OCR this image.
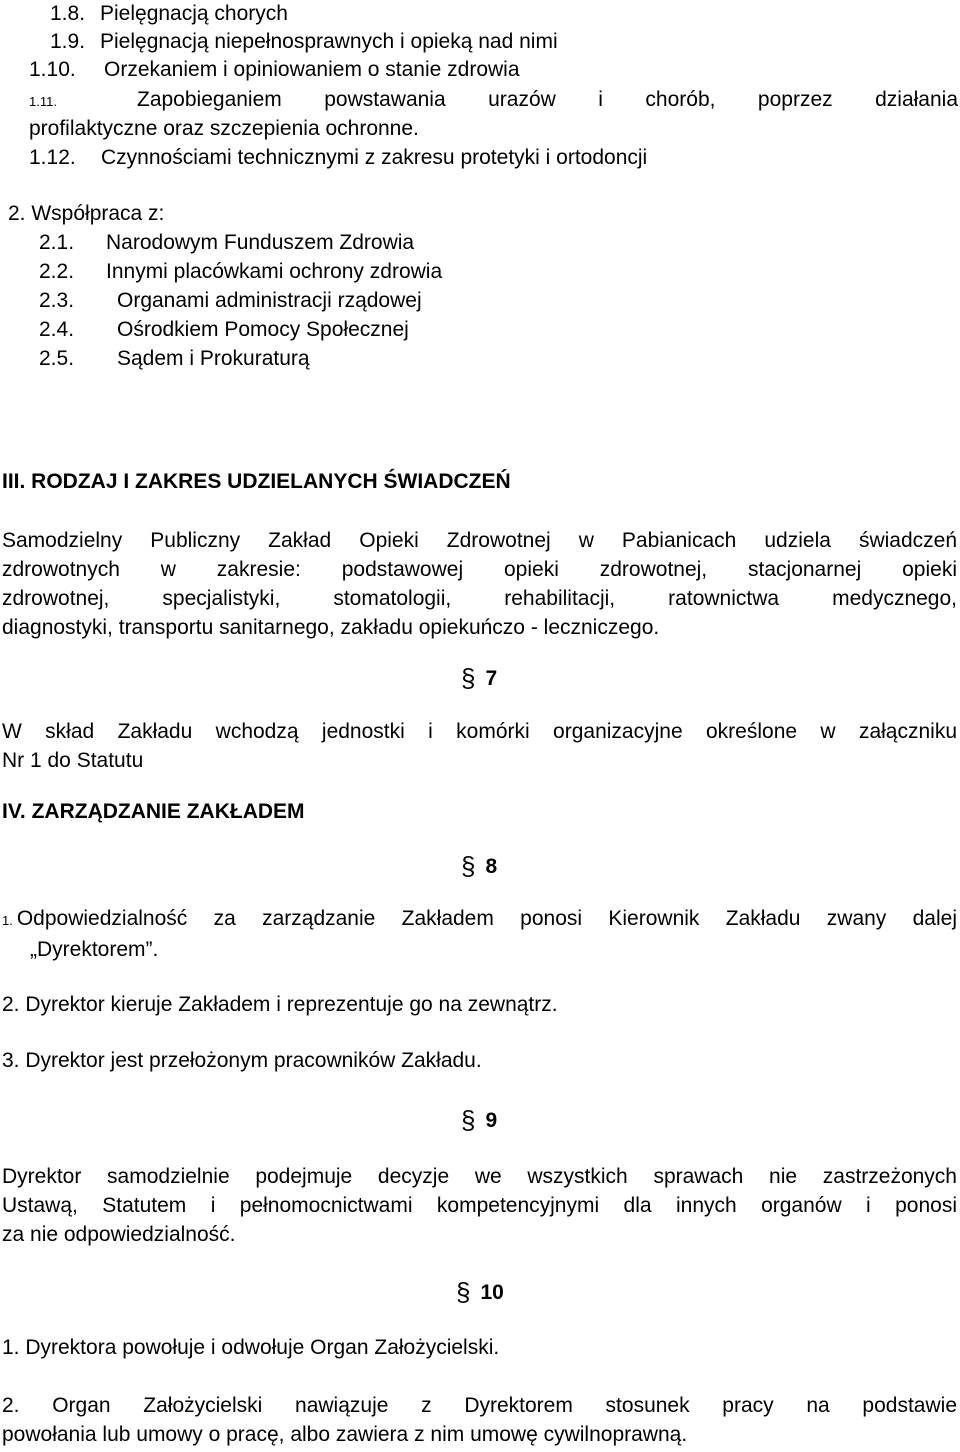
1.8. Pielęgnacją chorych
1.9. Pielęgnacją niepełnosprawnych i opieką nad nimi
1.10. Orzekaniem i opiniowaniem o stanie zdrowia
1.11.	Zapobieganiem powstawania urazów i chorób, poprzez działania
profilaktyczne oraz szczepienia ochronne.
1.12. Czynnościami technicznymi z zakresu protetyki i ortodoncji
2. Współpraca z:
2.1. Narodowym Funduszem Zdrowia
2.2. Innymi placówkami ochrony zdrowia
2.3. Organami administracji rządowej
2.4. Ośrodkiem Pomocy Społecznej
2.5. Sądem i Prokuraturą
III. RODZAJ I ZAKRES UDZIELANYCH ŚWIADCZEŃ
Samodzielny Publiczny Zakład Opieki Zdrowotnej w Pabianicach udziela świadczeń
zdrowotnych w zakresie: podstawowej opieki zdrowotnej, stacjonarnej opieki
zdrowotnej, specjalistyki, stomatologii, rehabilitacji, ratownictwa medycznego,
diagnostyki, transportu sanitarnego, zakładu opiekuńczo - leczniczego.
§ 7
W skład Zakładu wchodzą jednostki i komórki organizacyjne określone w załączniku
Nr 1 do Statutu
IV. ZARZĄDZANIE ZAKŁADEM
§ 8
1. Odpowiedzialność za zarządzanie Zakładem ponosi Kierownik Zakładu zwany dalej
„Dyrektorem”.
2. Dyrektor kieruje Zakładem i reprezentuje go na zewnątrz.
3. Dyrektor jest przełożonym pracowników Zakładu.
§ 9
Dyrektor samodzielnie podejmuje decyzje we wszystkich sprawach nie zastrzeżonych
Ustawą, Statutem i pełnomocnictwami kompetencyjnymi dla innych organów i ponosi
za nie odpowiedzialność.
§ 10
1. Dyrektora powołuje i odwołuje Organ Założycielski.
2. Organ Założycielski nawiązuje z Dyrektorem stosunek pracy na podstawie
powołania lub umowy o pracę, albo zawiera z nim umowę cywilnoprawną.
